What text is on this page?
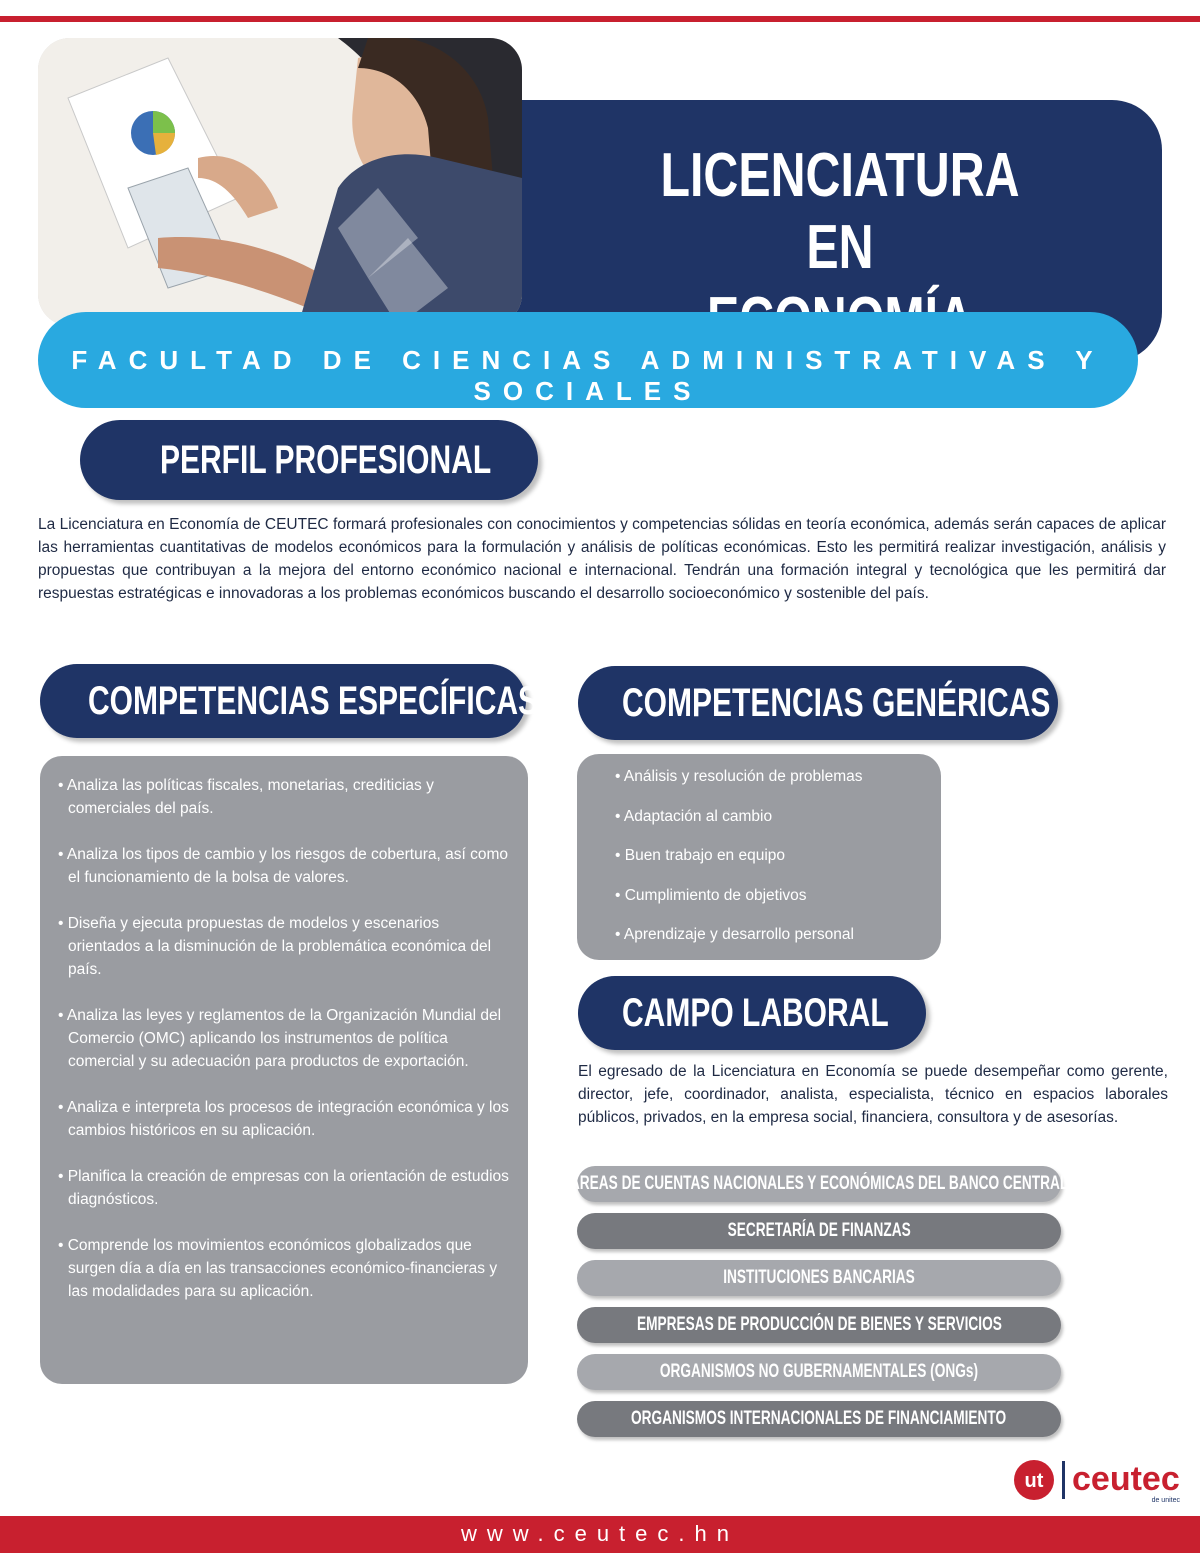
LICENCIATURA EN
FACULTAD DE CIENCIAS ADMINISTRATIVAS Y SOCIALES
PERFIL PROFESIONAL
La Licenciatura en Economía de CEUTEC formará profesionales con conocimientos y competencias sólidas en teoría económica, además serán capaces de aplicar las herramientas cuantitativas de modelos económicos para la formulación y análisis de políticas económicas. Esto les permitirá realizar investigación, análisis y propuestas que contribuyan a la mejora del entorno económico nacional e internacional. Tendrán una formación integral y tecnológica que les permitirá dar respuestas estratégicas e innovadoras a los problemas económicos buscando el desarrollo socioeconómico y sostenible del país.
COMPETENCIAS ESPECÍFICAS
• Analiza las políticas fiscales, monetarias, crediticias y comerciales del país.
• Analiza los tipos de cambio y los riesgos de cobertura, así como el funcionamiento de la bolsa de valores.
• Diseña y ejecuta propuestas de modelos y escenarios orientados a la disminución de la problemática económica del país.
• Analiza las leyes y reglamentos de la Organización Mundial del Comercio (OMC) aplicando los instrumentos de política comercial y su adecuación para productos de exportación.
• Analiza e interpreta los procesos de integración económica y los cambios históricos en su aplicación.
• Planifica la creación de empresas con la orientación de estudios diagnósticos.
• Comprende los movimientos económicos globalizados que surgen día a día en las transacciones económico-financieras y las modalidades para su aplicación.
COMPETENCIAS GENÉRICAS
• Análisis y resolución de problemas
• Adaptación al cambio
• Buen trabajo en equipo
• Cumplimiento de objetivos
• Aprendizaje y desarrollo personal
CAMPO LABORAL
El egresado de la Licenciatura en Economía se puede desempeñar como gerente, director, jefe, coordinador, analista, especialista, técnico en espacios laborales públicos, privados, en la empresa social, financiera, consultora y de asesorías.
ÁREAS DE CUENTAS NACIONALES Y ECONÓMICAS DEL BANCO CENTRAL
SECRETARÍA DE FINANZAS
INSTITUCIONES BANCARIAS
EMPRESAS DE PRODUCCIÓN DE BIENES Y SERVICIOS
ORGANISMOS NO GUBERNAMENTALES (ONGs)
ORGANISMOS INTERNACIONALES DE FINANCIAMIENTO
ut ceutec
de unitec
www.ceutec.hn
